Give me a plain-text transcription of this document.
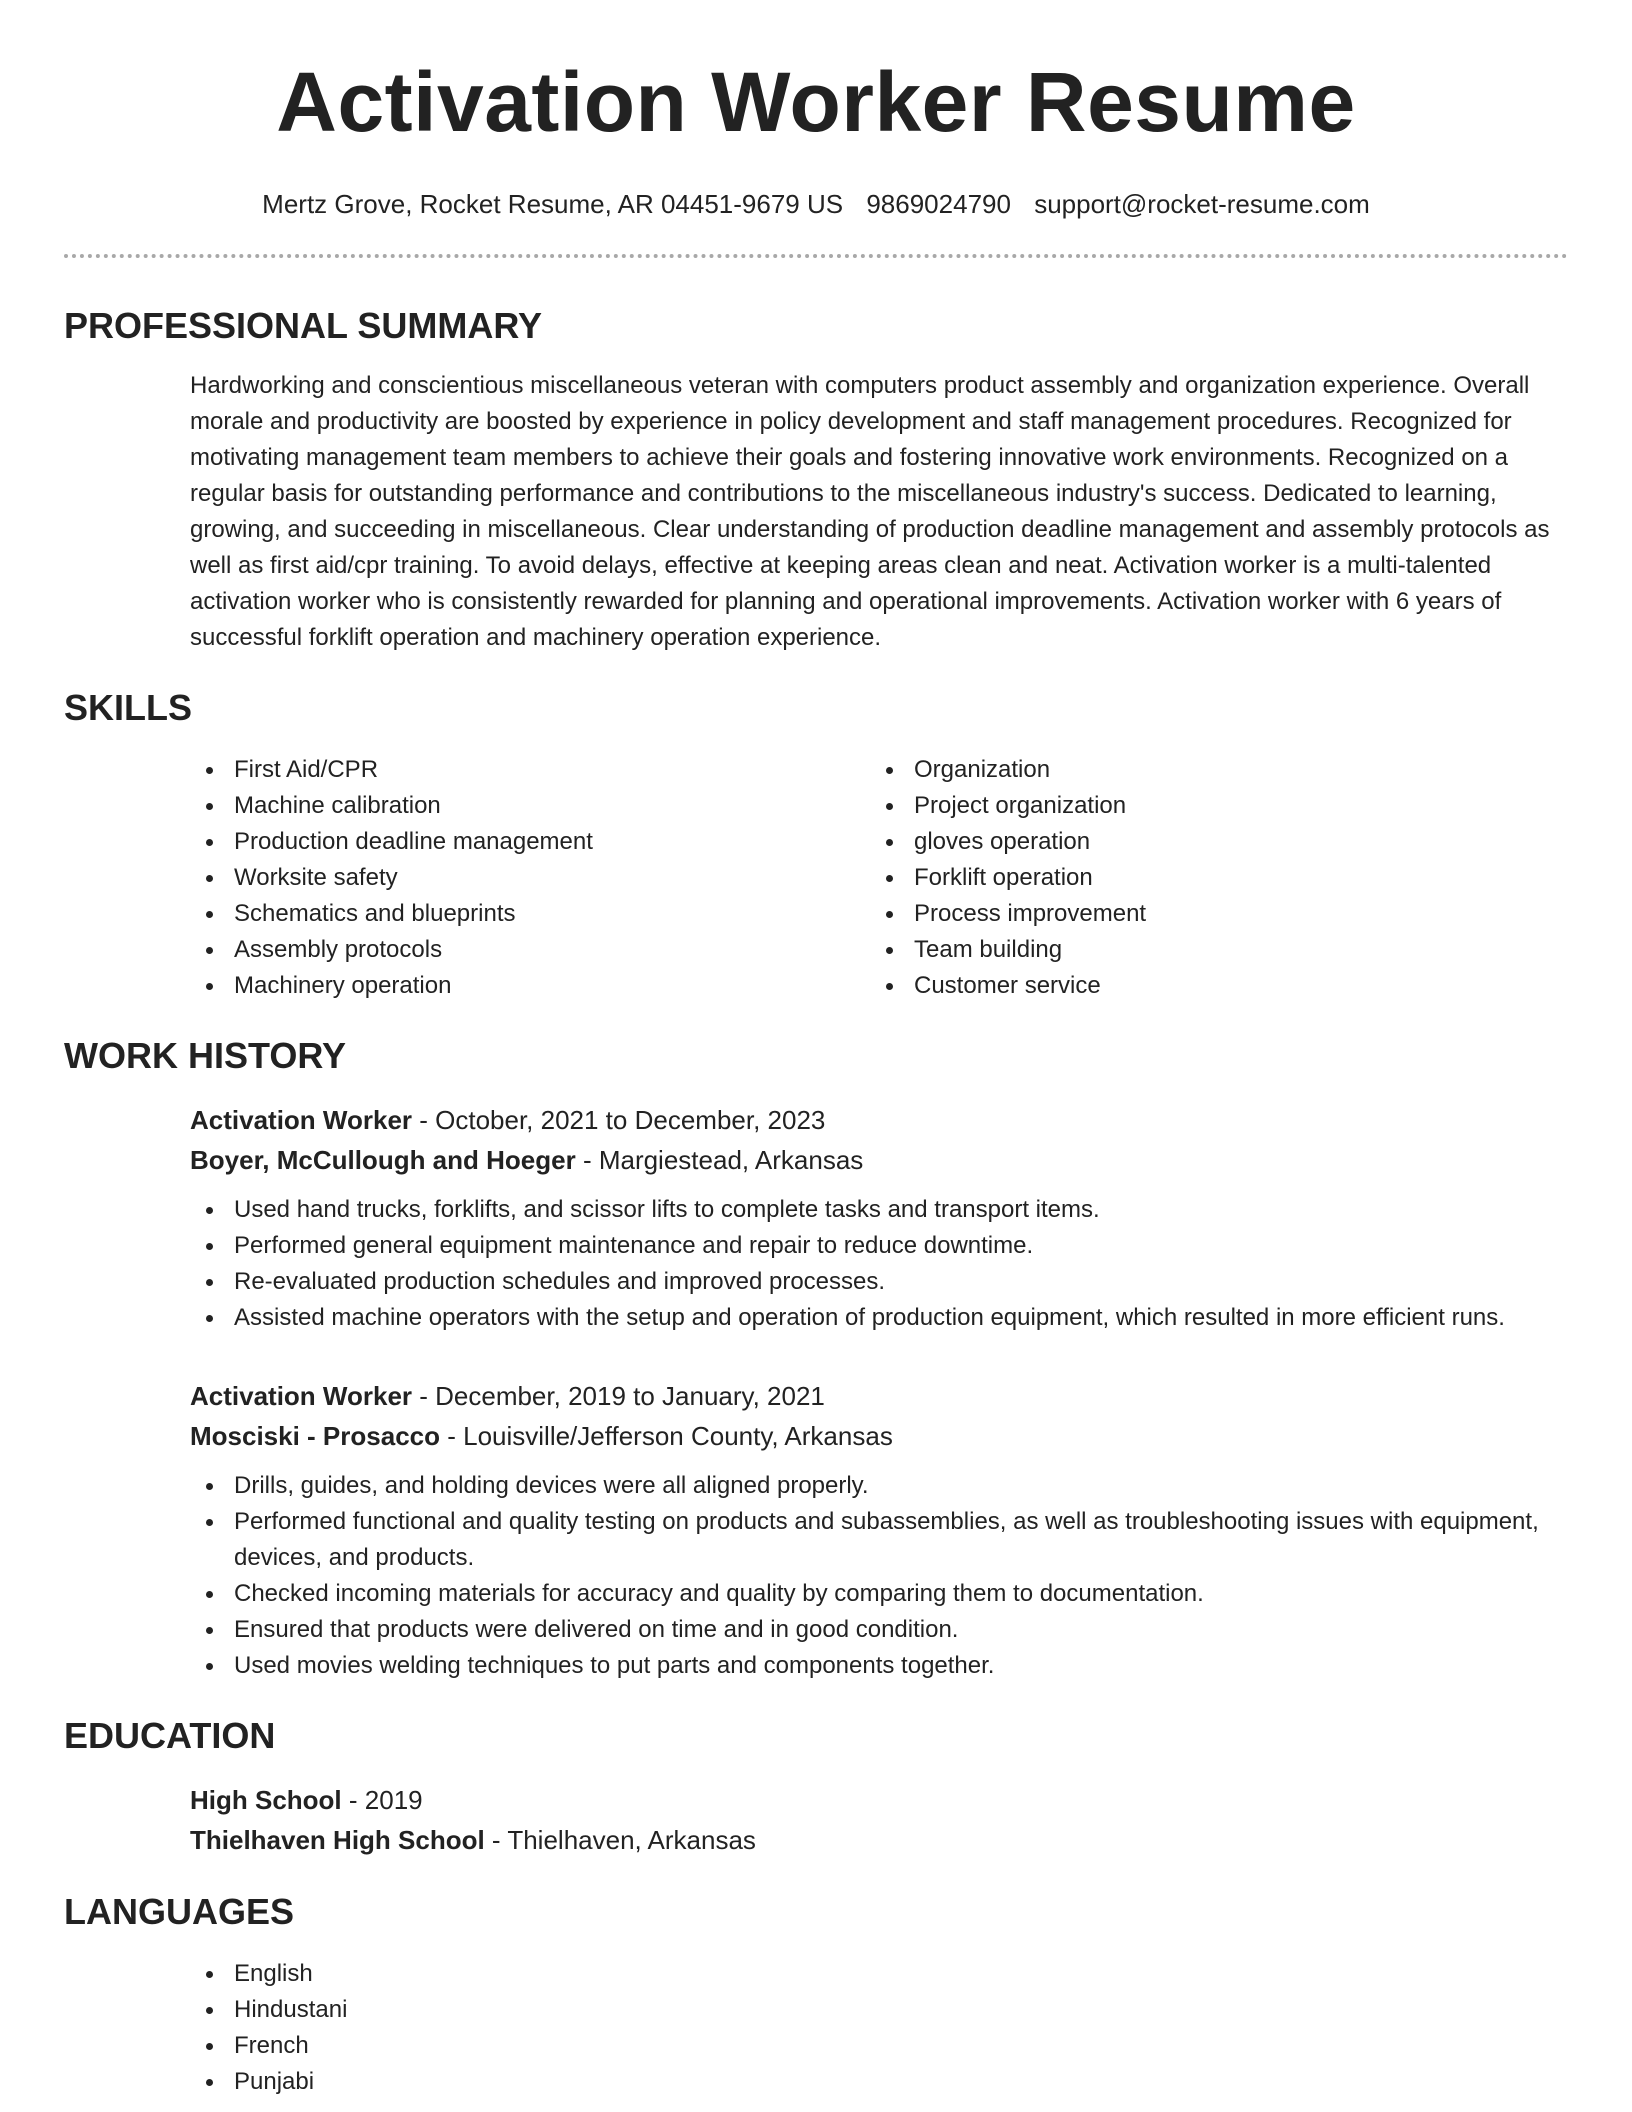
Activation Worker Resume
Mertz Grove, Rocket Resume, AR 04451-9679 US 9869024790 support@rocket-resume.com
PROFESSIONAL SUMMARY
Hardworking and conscientious miscellaneous veteran with computers product assembly and organization experience. Overall morale and productivity are boosted by experience in policy development and staff management procedures. Recognized for motivating management team members to achieve their goals and fostering innovative work environments. Recognized on a regular basis for outstanding performance and contributions to the miscellaneous industry's success. Dedicated to learning, growing, and succeeding in miscellaneous. Clear understanding of production deadline management and assembly protocols as well as first aid/cpr training. To avoid delays, effective at keeping areas clean and neat. Activation worker is a multi-talented activation worker who is consistently rewarded for planning and operational improvements. Activation worker with 6 years of successful forklift operation and machinery operation experience.
SKILLS
First Aid/CPR
Machine calibration
Production deadline management
Worksite safety
Schematics and blueprints
Assembly protocols
Machinery operation
Organization
Project organization
gloves operation
Forklift operation
Process improvement
Team building
Customer service
WORK HISTORY
Activation Worker - October, 2021 to December, 2023
Boyer, McCullough and Hoeger - Margiestead, Arkansas
Used hand trucks, forklifts, and scissor lifts to complete tasks and transport items.
Performed general equipment maintenance and repair to reduce downtime.
Re-evaluated production schedules and improved processes.
Assisted machine operators with the setup and operation of production equipment, which resulted in more efficient runs.
Activation Worker - December, 2019 to January, 2021
Mosciski - Prosacco - Louisville/Jefferson County, Arkansas
Drills, guides, and holding devices were all aligned properly.
Performed functional and quality testing on products and subassemblies, as well as troubleshooting issues with equipment, devices, and products.
Checked incoming materials for accuracy and quality by comparing them to documentation.
Ensured that products were delivered on time and in good condition.
Used movies welding techniques to put parts and components together.
EDUCATION
High School - 2019
Thielhaven High School - Thielhaven, Arkansas
LANGUAGES
English
Hindustani
French
Punjabi
